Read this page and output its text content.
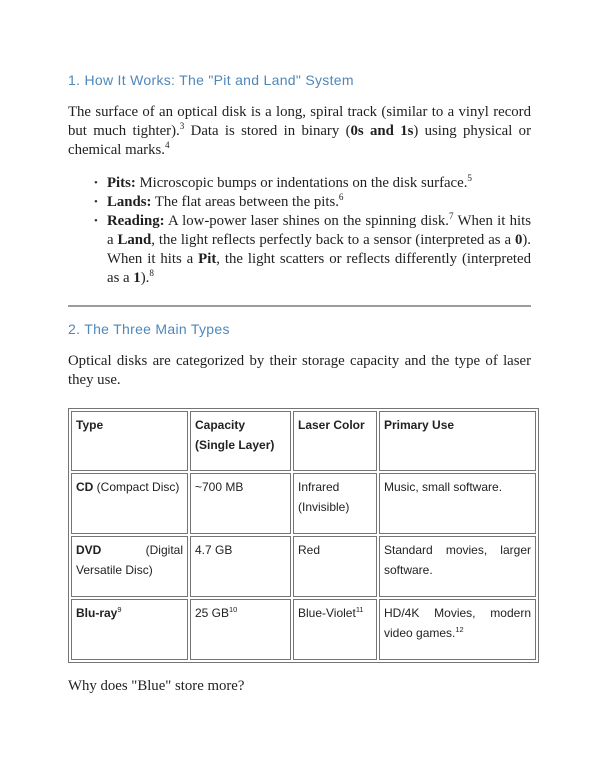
1. How It Works: The "Pit and Land" System

The surface of an optical disk is a long, spiral track (similar to a vinyl record but much tighter).$^3$ Data is stored in binary (0s and 1s) using physical or chemical marks.$^4$

• Pits: Microscopic bumps or indentations on the disk surface.$^5$
• Lands: The flat areas between the pits.$^6$
• Reading: A low-power laser shines on the spinning disk.$^7$ When it hits a Land, the light reflects perfectly back to a sensor (interpreted as a 0). When it hits a Pit, the light scatters or reflects differently (interpreted as a 1).$^8$
2. The Three Main Types

Optical disks are categorized by their storage capacity and the type of laser they use.

Type	Capacity (Single Layer)	Laser Color	Primary Use
CD (Compact Disc)	~700 MB	Infrared (Invisible)	Music, small software.
DVD (Digital Versatile Disc)	4.7 GB	Red	Standard movies, larger software.
Blu-ray$^9$	25 GB$^{10}$	Blue-Violet$^{11}$	HD/4K Movies, modern video games.$^{12}$

Why does "Blue" store more?
